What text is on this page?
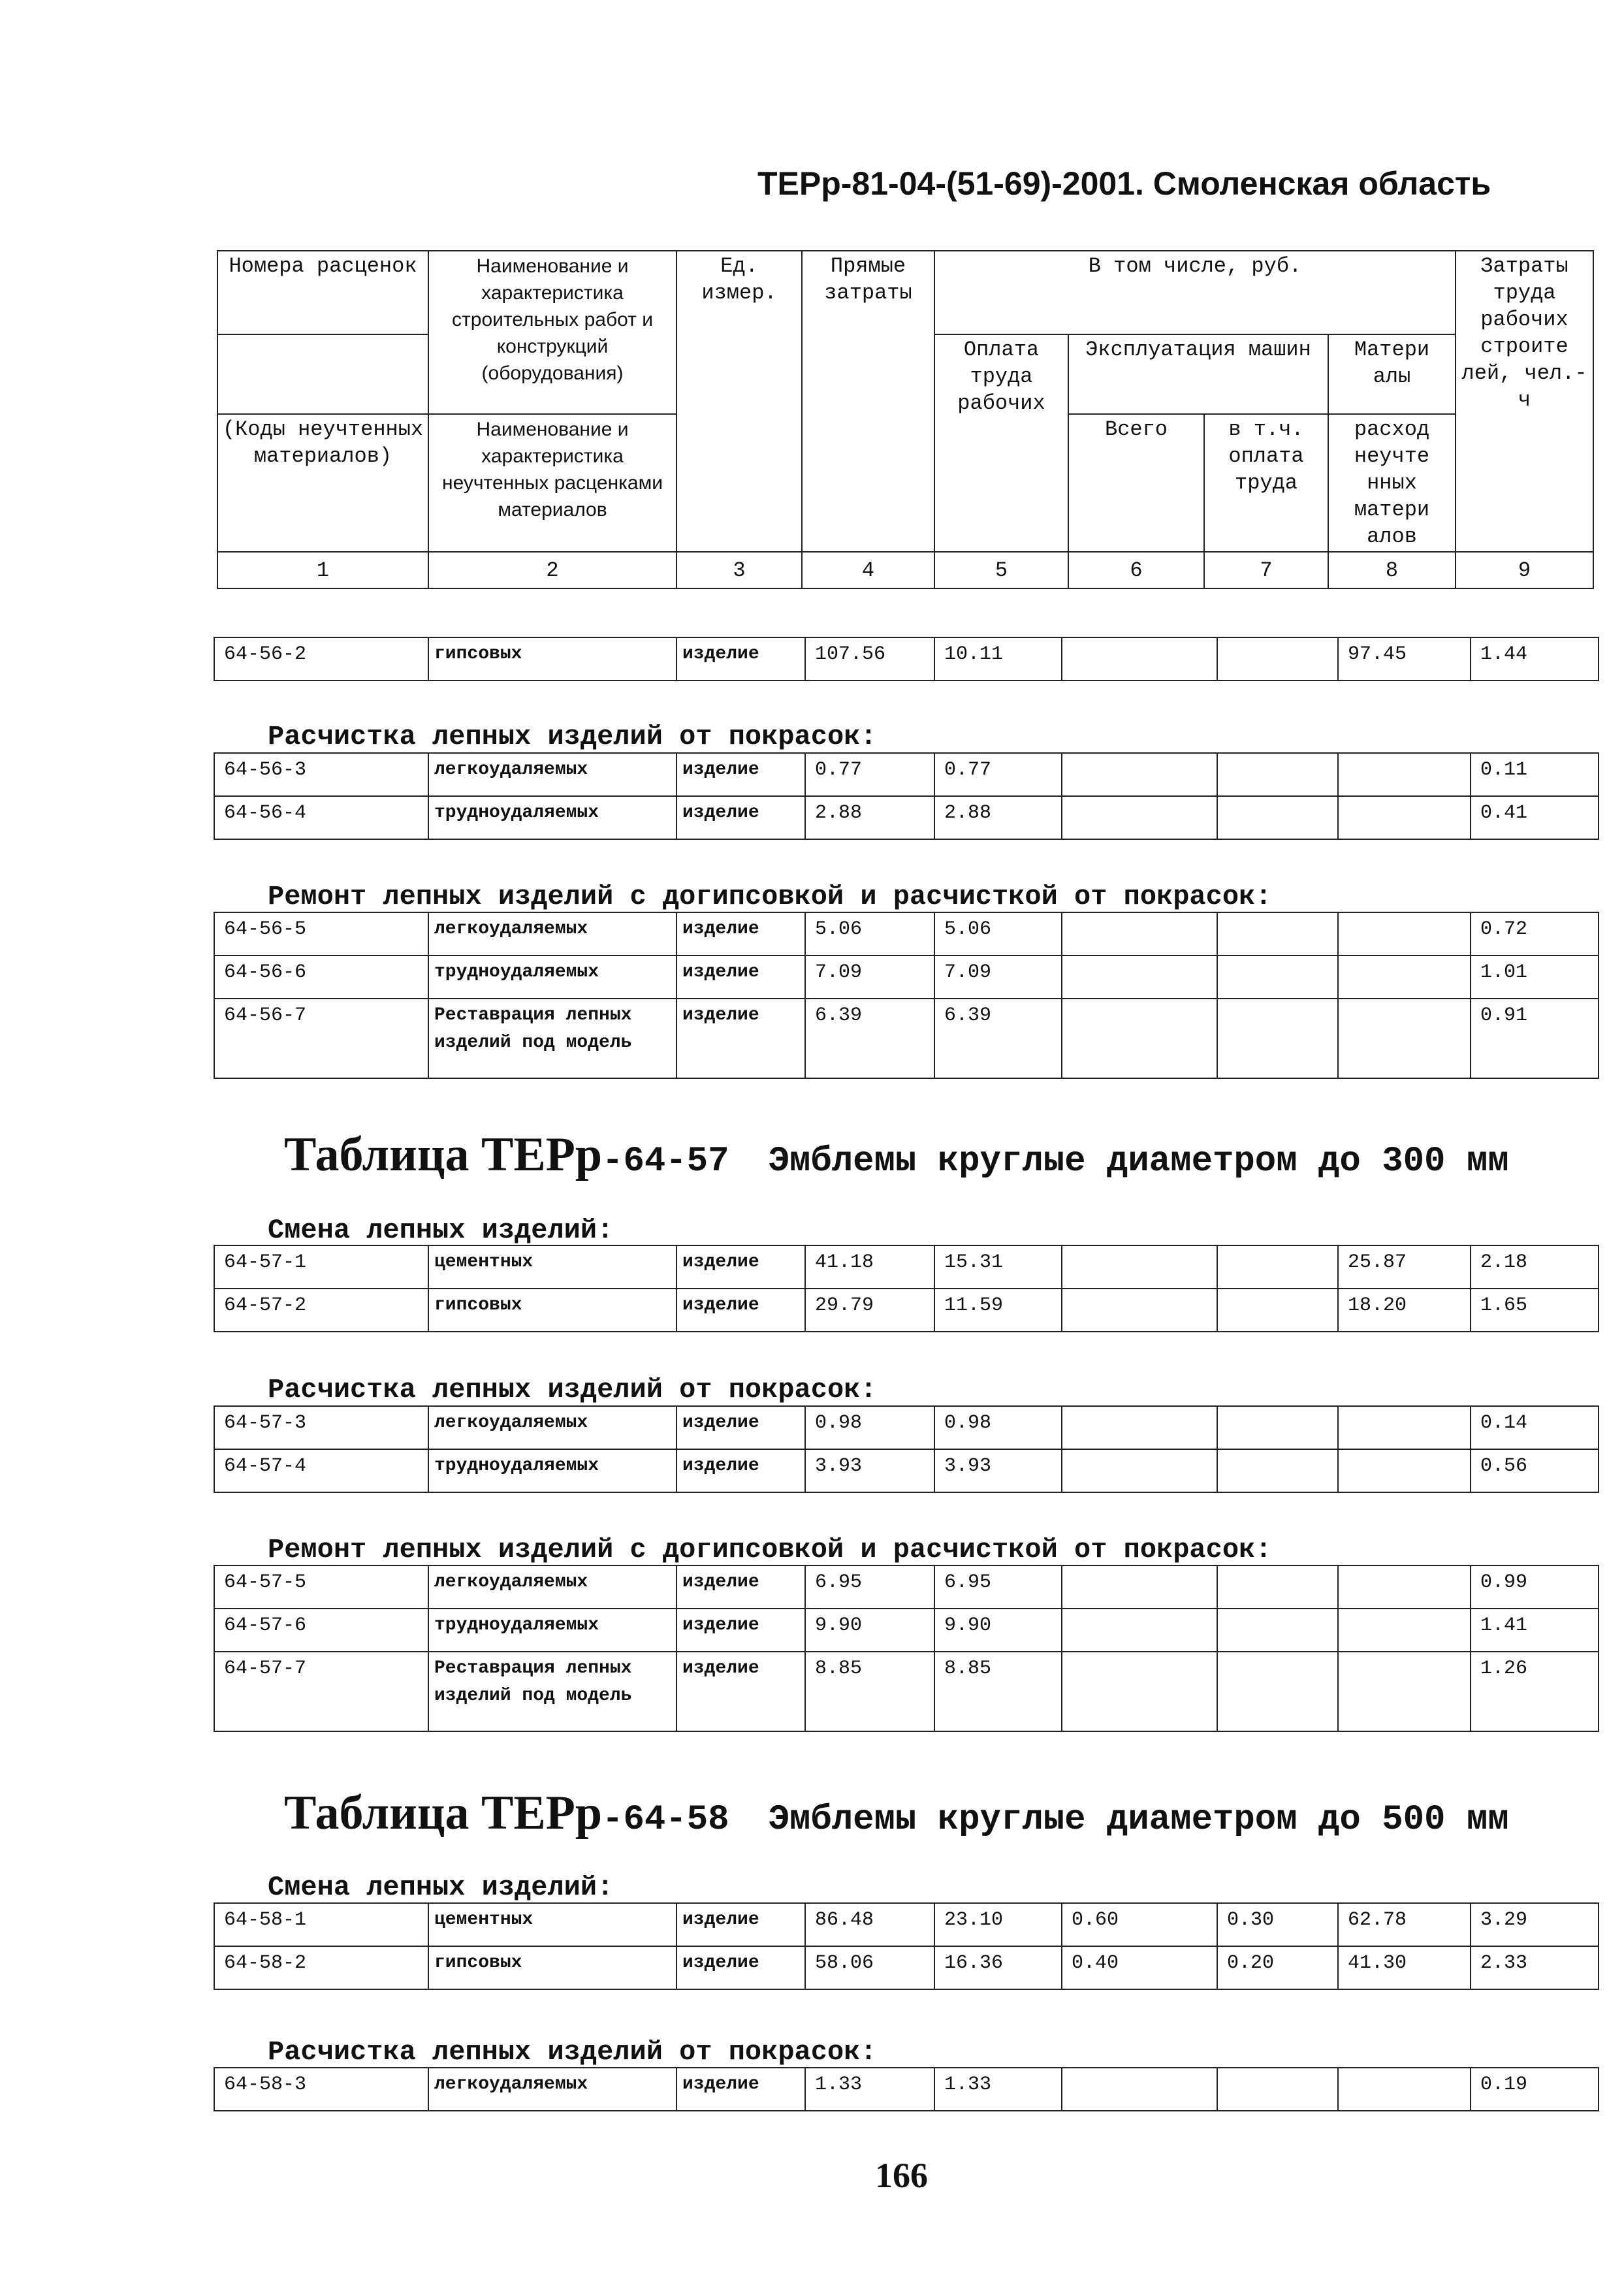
ТЕРр-81-04-(51-69)-2001. Смоленская область
Номера расценок	Наименование и характеристика строительных работ и конструкций (оборудования)	Ед. измер.	Прямые затраты	В том числе, руб.				Затраты труда рабочих строите лей, чел.-ч
				Оплата труда рабочих	Эксплуатация машин		Матери алы	
(Коды неучтенных материалов)	Наименование и характеристика неучтенных расценками материалов				Всего	в т.ч. оплата труда	расход неучте нных матери алов	

1	2	3	4	5	6	7	8	9
64-56-2	гипсовых	изделие	107.56	10.11			97.45	1.44
Расчистка лепных изделий от покрасок:
64-56-3	легкоудаляемых	изделие	0.77	0.77				0.11
64-56-4	трудноудаляемых	изделие	2.88	2.88				0.41
Ремонт лепных изделий с догипсовкой и расчисткой от покрасок:
64-56-5	легкоудаляемых	изделие	5.06	5.06				0.72
64-56-6	трудноудаляемых	изделие	7.09	7.09				1.01
64-56-7	Реставрация лепных изделий под модель	изделие	6.39	6.39				0.91
Таблица ТЕРр-64-57 Эмблемы круглые диаметром до 300 мм
Смена лепных изделий:
64-57-1	цементных	изделие	41.18	15.31			25.87	2.18
64-57-2	гипсовых	изделие	29.79	11.59			18.20	1.65
Расчистка лепных изделий от покрасок:
64-57-3	легкоудаляемых	изделие	0.98	0.98				0.14
64-57-4	трудноудаляемых	изделие	3.93	3.93				0.56
Ремонт лепных изделий с догипсовкой и расчисткой от покрасок:
64-57-5	легкоудаляемых	изделие	6.95	6.95				0.99
64-57-6	трудноудаляемых	изделие	9.90	9.90				1.41
64-57-7	Реставрация лепных изделий под модель	изделие	8.85	8.85				1.26
Таблица ТЕРр-64-58 Эмблемы круглые диаметром до 500 мм
Смена лепных изделий:
64-58-1	цементных	изделие	86.48	23.10	0.60	0.30	62.78	3.29
64-58-2	гипсовых	изделие	58.06	16.36	0.40	0.20	41.30	2.33
Расчистка лепных изделий от покрасок:
64-58-3	легкоудаляемых	изделие	1.33	1.33				0.19
166
